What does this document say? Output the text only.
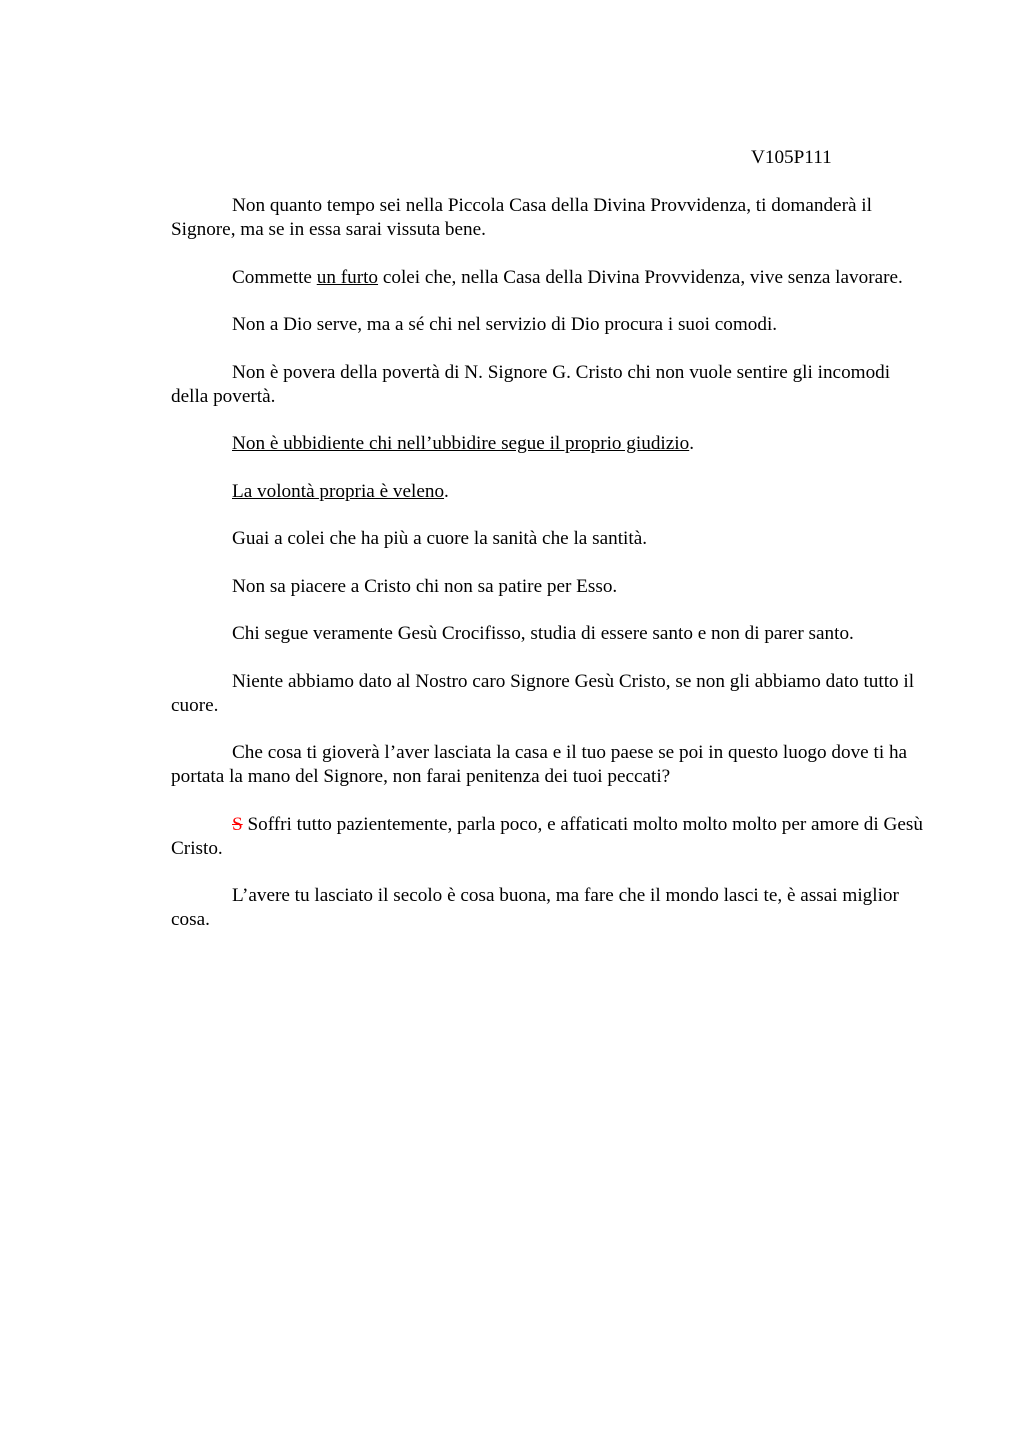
V105P111

Non quanto tempo sei nella Piccola Casa della Divina Provvidenza, ti domanderà il Signore, ma se in essa sarai vissuta bene.

Commette un furto colei che, nella Casa della Divina Provvidenza, vive senza lavorare.

Non a Dio serve, ma a sé chi nel servizio di Dio procura i suoi comodi.

Non è povera della povertà di N. Signore G. Cristo chi non vuole sentire gli incomodi della povertà.

Non è ubbidiente chi nell’ubbidire segue il proprio giudizio.

La volontà propria è veleno.

Guai a colei che ha più a cuore la sanità che la santità.

Non sa piacere a Cristo chi non sa patire per Esso.

Chi segue veramente Gesù Crocifisso, studia di essere santo e non di parer santo.

Niente abbiamo dato al Nostro caro Signore Gesù Cristo, se non gli abbiamo dato tutto il cuore.

Che cosa ti gioverà l’aver lasciata la casa e il tuo paese se poi in questo luogo dove ti ha portata la mano del Signore, non farai penitenza dei tuoi peccati?

S Soffri tutto pazientemente, parla poco, e affaticati molto molto molto per amore di Gesù Cristo.

L’avere tu lasciato il secolo è cosa buona, ma fare che il mondo lasci te, è assai miglior cosa.
